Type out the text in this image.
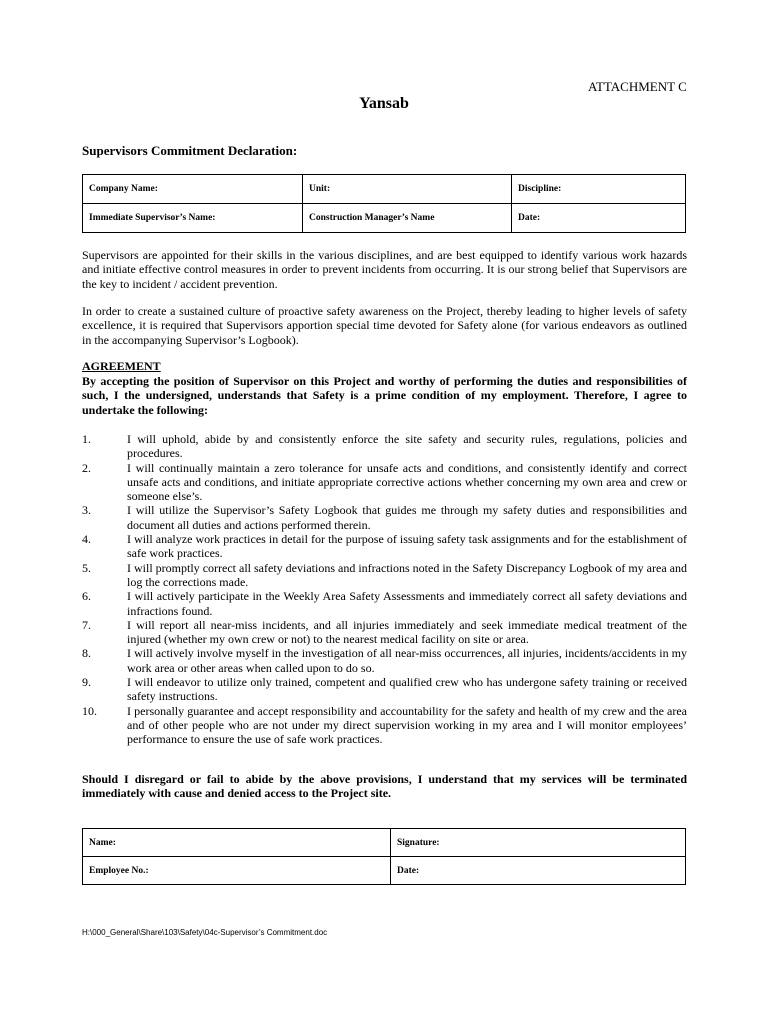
ATTACHMENT C
Yansab
Supervisors Commitment Declaration:
Company Name:	Unit:	Discipline:
Immediate Supervisor’s Name:	Construction Manager’s Name	Date:

Supervisors are appointed for their skills in the various disciplines, and are best equipped to identify various work hazards and initiate effective control measures in order to prevent incidents from occurring. It is our strong belief that Supervisors are the key to incident / accident prevention.

In order to create a sustained culture of proactive safety awareness on the Project, thereby leading to higher levels of safety excellence, it is required that Supervisors apportion special time devoted for Safety alone (for various endeavors as outlined in the accompanying Supervisor’s Logbook).

AGREEMENT

By accepting the position of Supervisor on this Project and worthy of performing the duties and responsibilities of such, I the undersigned, understands that Safety is a prime condition of my employment. Therefore, I agree to undertake the following:

1.	I will uphold, abide by and consistently enforce the site safety and security rules, regulations, policies and procedures.
2.	I will continually maintain a zero tolerance for unsafe acts and conditions, and consistently identify and correct unsafe acts and conditions, and initiate appropriate corrective actions whether concerning my own area and crew or someone else’s.
3.	I will utilize the Supervisor’s Safety Logbook that guides me through my safety duties and responsibilities and document all duties and actions performed therein.
4.	I will analyze work practices in detail for the purpose of issuing safety task assignments and for the establishment of safe work practices.
5.	I will promptly correct all safety deviations and infractions noted in the Safety Discrepancy Logbook of my area and log the corrections made.
6.	I will actively participate in the Weekly Area Safety Assessments and immediately correct all safety deviations and infractions found.
7.	I will report all near-miss incidents, and all injuries immediately and seek immediate medical treatment of the injured (whether my own crew or not) to the nearest medical facility on site or area.
8.	I will actively involve myself in the investigation of all near-miss occurrences, all injuries, incidents/accidents in my work area or other areas when called upon to do so.
9.	I will endeavor to utilize only trained, competent and qualified crew who has undergone safety training or received safety instructions.
10.	I personally guarantee and accept responsibility and accountability for the safety and health of my crew and the area and of other people who are not under my direct supervision working in my area and I will monitor employees’ performance to ensure the use of safe work practices.

Should I disregard or fail to abide by the above provisions, I understand that my services will be terminated immediately with cause and denied access to the Project site.

Name:	Signature:
Employee No.:	Date:
H:\000_General\Share\103\Safety\04c-Supervisor’s Commitment.doc
